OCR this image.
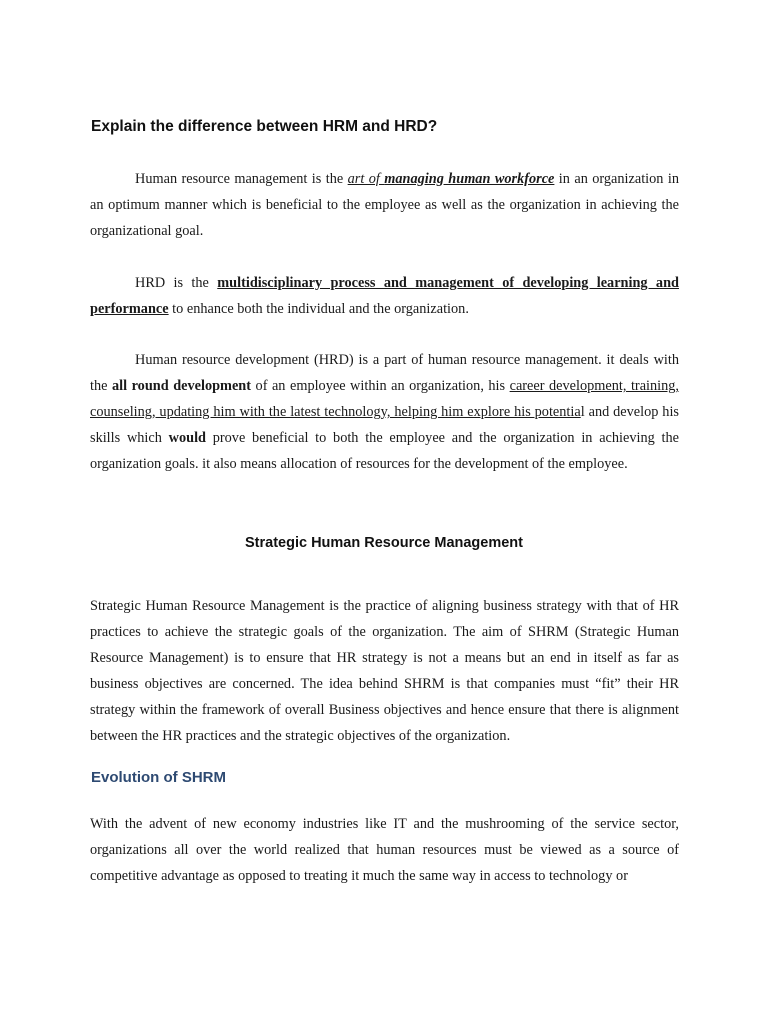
Explain the difference between HRM and HRD?

Human resource management is the art of managing human workforce in an organization in an optimum manner which is beneficial to the employee as well as the organization in achieving the organizational goal.

HRD is the multidisciplinary process and management of developing learning and performance to enhance both the individual and the organization.

Human resource development (HRD) is a part of human resource management. it deals with the all round development of an employee within an organization, his career development, training, counseling, updating him with the latest technology, helping him explore his potential and develop his skills which would prove beneficial to both the employee and the organization in achieving the organization goals. it also means allocation of resources for the development of the employee.

Strategic Human Resource Management

Strategic Human Resource Management is the practice of aligning business strategy with that of HR practices to achieve the strategic goals of the organization. The aim of SHRM (Strategic Human Resource Management) is to ensure that HR strategy is not a means but an end in itself as far as business objectives are concerned. The idea behind SHRM is that companies must “fit” their HR strategy within the framework of overall Business objectives and hence ensure that there is alignment between the HR practices and the strategic objectives of the organization.

Evolution of SHRM

With the advent of new economy industries like IT and the mushrooming of the service sector, organizations all over the world realized that human resources must be viewed as a source of competitive advantage as opposed to treating it much the same way in access to technology or
